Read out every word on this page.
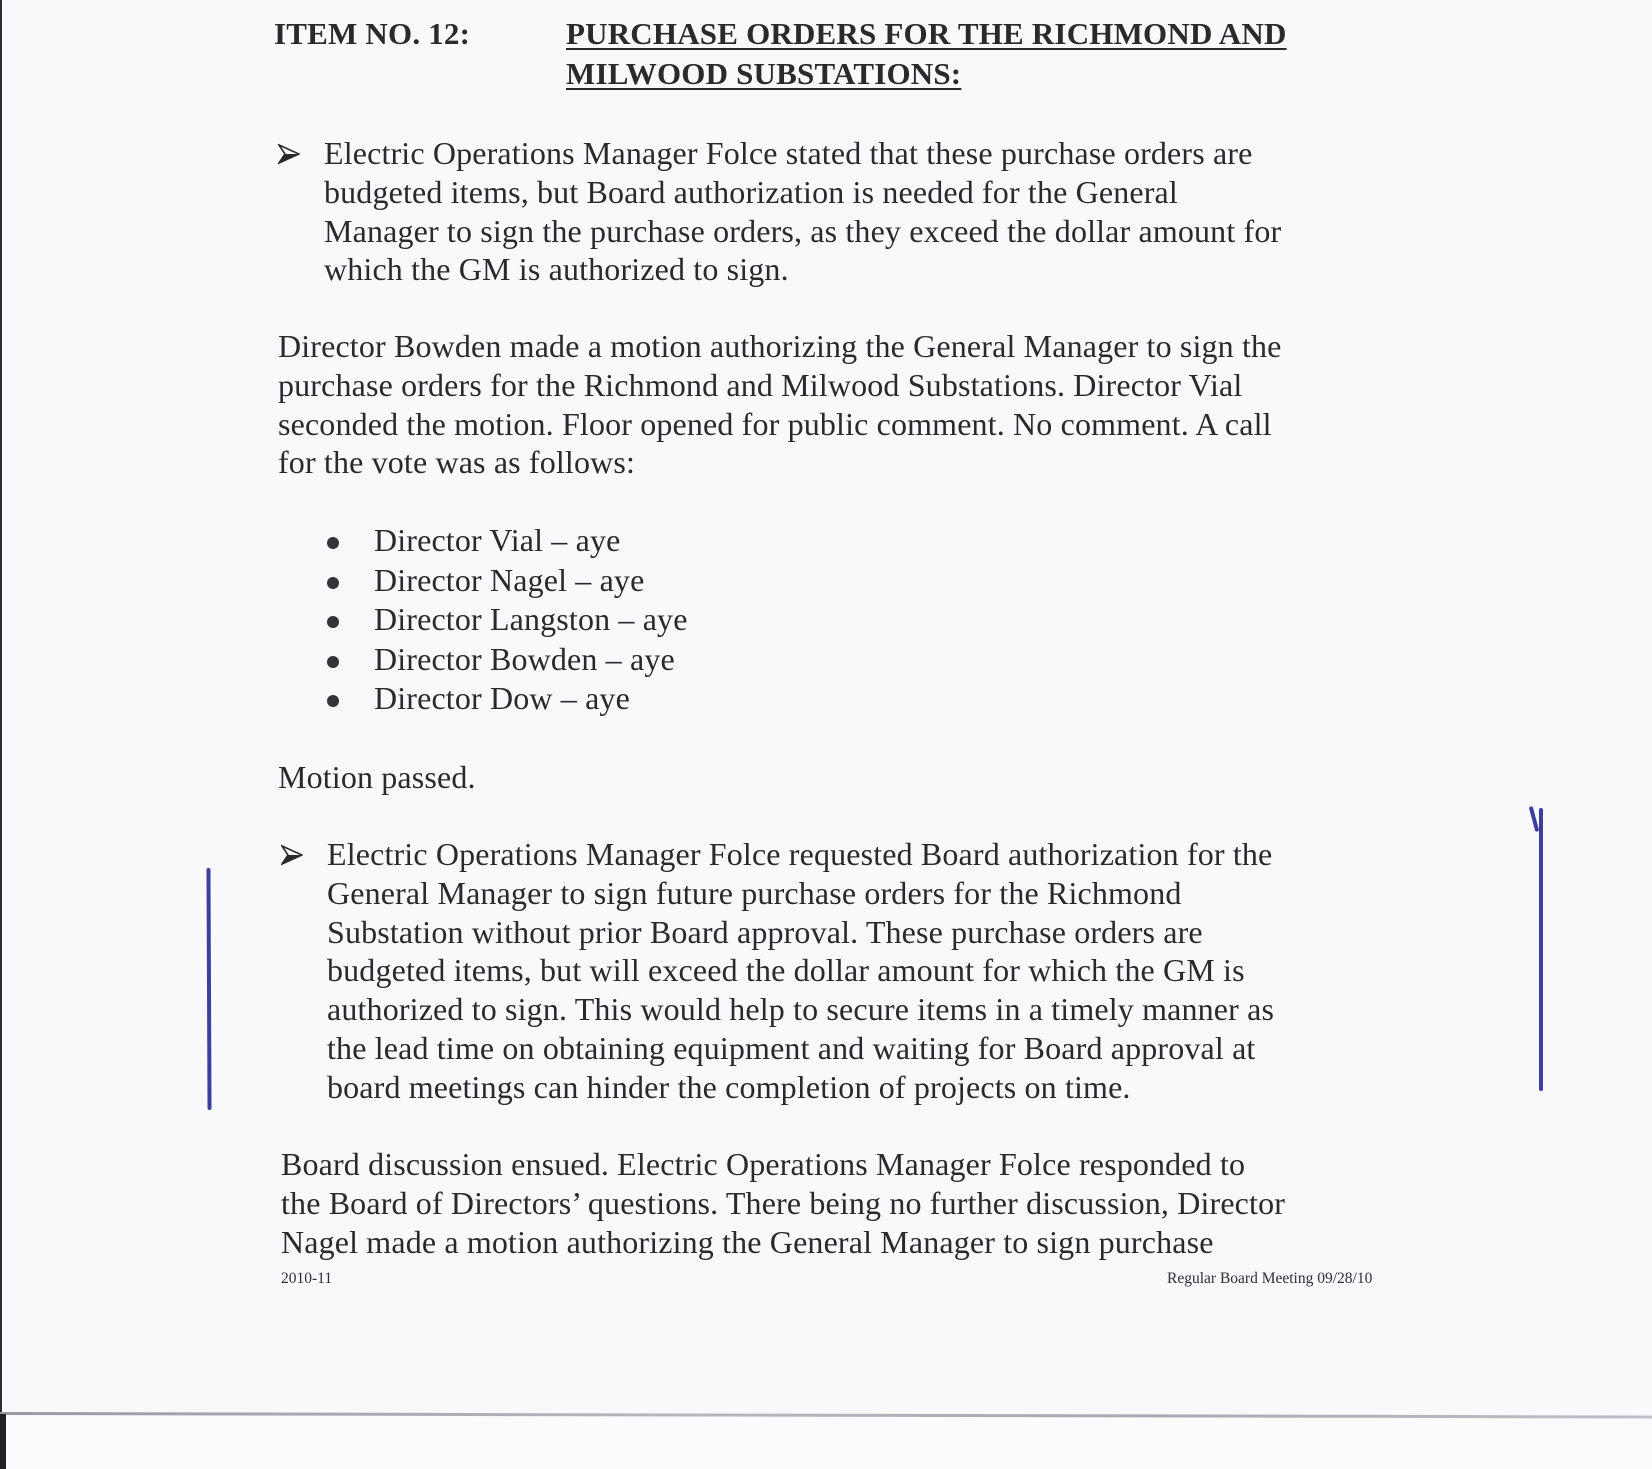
ITEM NO. 12:	PURCHASE ORDERS FOR THE RICHMOND AND
MILWOOD SUBSTATIONS:
Electric Operations Manager Folce stated that these purchase orders are
budgeted items, but Board authorization is needed for the General
Manager to sign the purchase orders, as they exceed the dollar amount for
which the GM is authorized to sign.
Director Bowden made a motion authorizing the General Manager to sign the
purchase orders for the Richmond and Milwood Substations. Director Vial
seconded the motion. Floor opened for public comment. No comment. A call
for the vote was as follows:
Director Vial – aye
Director Nagel – aye
Director Langston – aye
Director Bowden – aye
Director Dow – aye
Motion passed.
Electric Operations Manager Folce requested Board authorization for the
General Manager to sign future purchase orders for the Richmond
Substation without prior Board approval. These purchase orders are
budgeted items, but will exceed the dollar amount for which the GM is
authorized to sign. This would help to secure items in a timely manner as
the lead time on obtaining equipment and waiting for Board approval at
board meetings can hinder the completion of projects on time.
Board discussion ensued. Electric Operations Manager Folce responded to
the Board of Directors’ questions. There being no further discussion, Director
Nagel made a motion authorizing the General Manager to sign purchase
2010-11	Regular Board Meeting 09/28/10
